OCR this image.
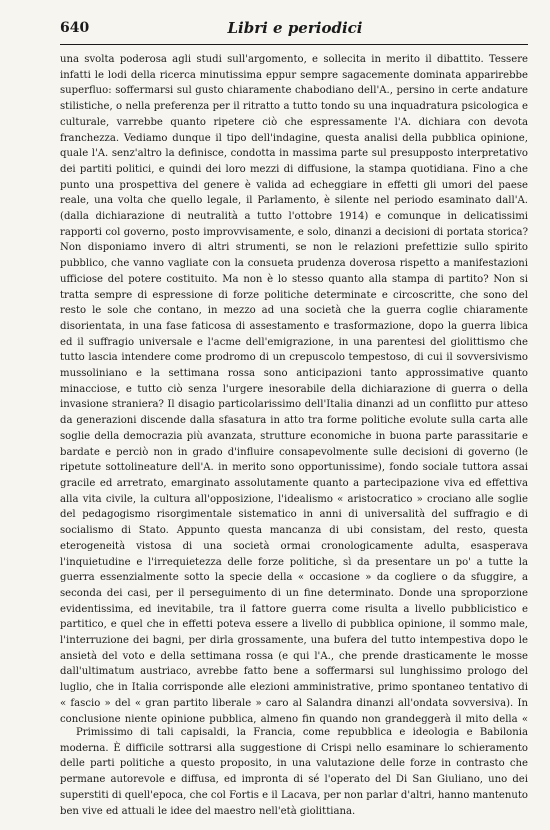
640	Libri e periodici

una svolta poderosa agli studi sull'argomento, e sollecita in merito il dibattito. Tessere infatti le lodi della ricerca minutissima eppur sempre sagacemente dominata apparirebbe superfluo: soffermarsi sul gusto chiaramente chabodiano dell'A., persino in certe andature stilistiche, o nella preferenza per il ritratto a tutto tondo su una inquadratura psicologica e culturale, varrebbe quanto ripetere ciò che espressamente l'A. dichiara con devota franchezza. Vediamo dunque il tipo dell'indagine, questa analisi della pubblica opinione, quale l'A. senz'altro la definisce, condotta in massima parte sul presupposto interpretativo dei partiti politici, e quindi dei loro mezzi di diffusione, la stampa quotidiana. Fino a che punto una prospettiva del genere è valida ad echeggiare in effetti gli umori del paese reale, una volta che quello legale, il Parlamento, è silente nel periodo esaminato dall'A. (dalla dichiarazione di neutralità a tutto l'ottobre 1914) e comunque in delicatissimi rapporti col governo, posto improvvisamente, e solo, dinanzi a decisioni di portata storica? Non disponiamo invero di altri strumenti, se non le relazioni prefettizie sullo spirito pubblico, che vanno vagliate con la consueta prudenza doverosa rispetto a manifestazioni ufficiose del potere costituito. Ma non è lo stesso quanto alla stampa di partito? Non si tratta sempre di espressione di forze politiche determinate e circoscritte, che sono del resto le sole che contano, in mezzo ad una società che la guerra coglie chiaramente disorientata, in una fase faticosa di assestamento e trasformazione, dopo la guerra libica ed il suffragio universale e l'acme dell'emigrazione, in una parentesi del giolittismo che tutto lascia intendere come prodromo di un crepuscolo tempestoso, di cui il sovversivismo mussoliniano e la settimana rossa sono anticipazioni tanto approssimative quanto minacciose, e tutto ciò senza l'urgere inesorabile della dichiarazione di guerra o della invasione straniera? Il disagio particolarissimo dell'Italia dinanzi ad un conflitto pur atteso da generazioni discende dalla sfasatura in atto tra forme politiche evolute sulla carta alle soglie della democrazia più avanzata, strutture economiche in buona parte parassitarie e bardate e perciò non in grado d'influire consapevolmente sulle decisioni di governo (le ripetute sottolineature dell'A. in merito sono opportunissime), fondo sociale tuttora assai gracile ed arretrato, emarginato assolutamente quanto a partecipazione viva ed effettiva alla vita civile, la cultura all'opposizione, l'idealismo « aristocratico » crociano alle soglie del pedagogismo risorgimentale sistematico in anni di universalità del suffragio e di socialismo di Stato. Appunto questa mancanza di ubi consistam, del resto, questa eterogeneità vistosa di una società ormai cronologicamente adulta, esasperava l'inquietudine e l'irrequietezza delle forze politiche, sì da presentare un po' a tutte la guerra essenzialmente sotto la specie della « occasione » da cogliere o da sfuggire, a seconda dei casi, per il perseguimento di un fine determinato. Donde una sproporzione evidentissima, ed inevitabile, tra il fattore guerra come risulta a livello pubblicistico e partitico, e quel che in effetti poteva essere a livello di pubblica opinione, il sommo male, l'interruzione dei bagni, per dirla grossamente, una bufera del tutto intempestiva dopo le ansietà del voto e della settimana rossa (e qui l'A., che prende drasticamente le mosse dall'ultimatum austriaco, avrebbe fatto bene a soffermarsi sul lunghissimo prologo del luglio, che in Italia corrisponde alle elezioni amministrative, primo spontaneo tentativo di « fascio » del « gran partito liberale » caro al Salandra dinanzi all'ondata sovversiva). In conclusione niente opinione pubblica, almeno fin quando non grandeggerà il mito della «

Primissimo di tali capisaldi, la Francia, come repubblica e ideologia e Babilonia moderna. È difficile sottrarsi alla suggestione di Crispi nello esaminare lo schieramento delle parti politiche a questo proposito, in una valutazione delle forze in contrasto che permane autorevole e diffusa, ed impronta di sé l'operato del Di San Giuliano, uno dei superstiti di quell'epoca, che col Fortis e il Lacava, per non parlar d'altri, hanno mantenuto ben vive ed attuali le idee del maestro nell'età giolittiana.
